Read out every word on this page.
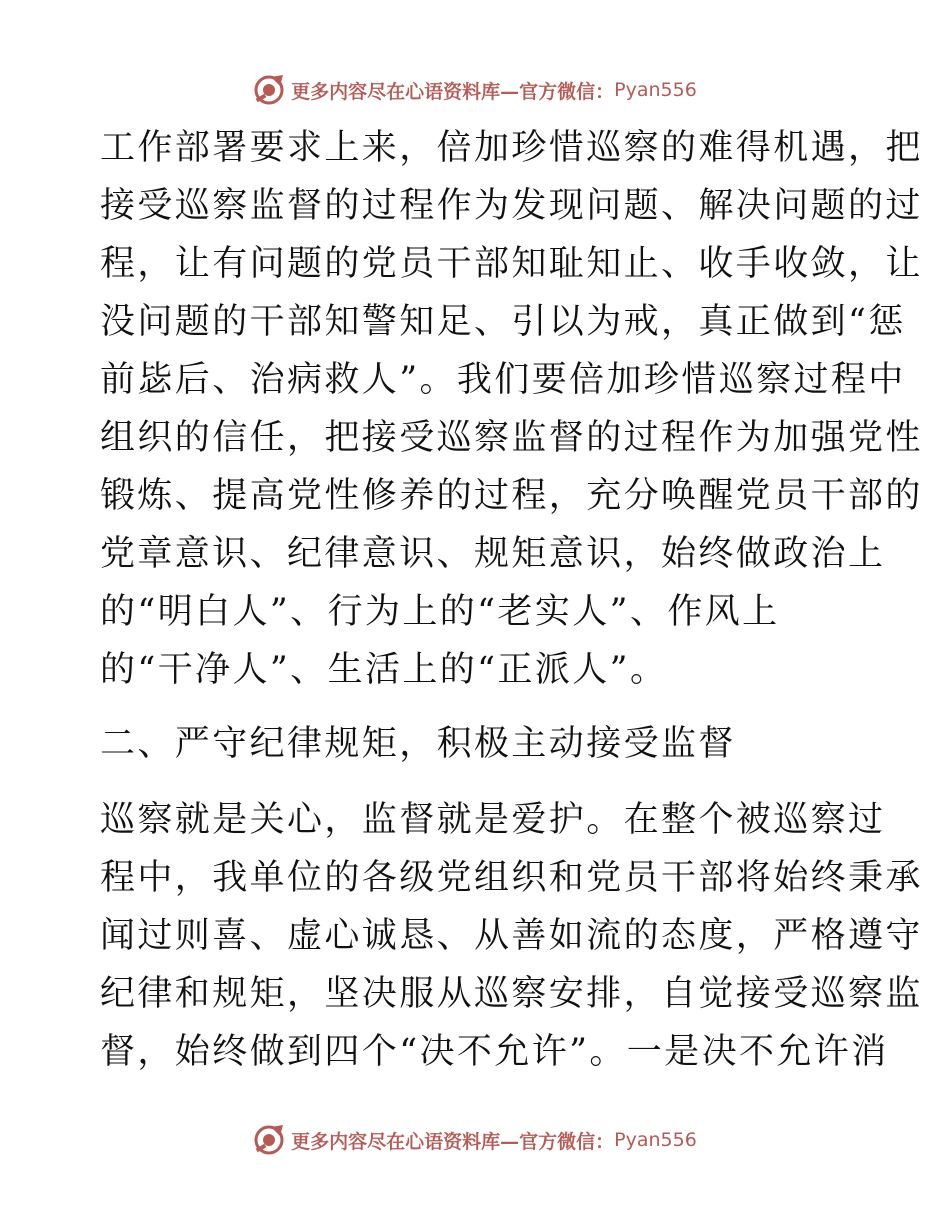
更多内容尽在心语资料库—官方微信： Pyan556
工作部署要求上来，倍加珍惜巡察的难得机遇，把
接受巡察监督的过程作为发现问题、解决问题的过
程，让有问题的党员干部知耻知止、收手收敛，让
没问题的干部知警知足、引以为戒，真正做到“惩
前毖后、治病救人”。我们要倍加珍惜巡察过程中
组织的信任，把接受巡察监督的过程作为加强党性
锻炼、提高党性修养的过程，充分唤醒党员干部的
党章意识、纪律意识、规矩意识，始终做政治上
的“明白人”、行为上的“老实人”、作风上
的“干净人”、生活上的“正派人”。
二、严守纪律规矩，积极主动接受监督
巡察就是关心，监督就是爱护。在整个被巡察过
程中，我单位的各级党组织和党员干部将始终秉承
闻过则喜、虚心诚恳、从善如流的态度，严格遵守
纪律和规矩，坚决服从巡察安排，自觉接受巡察监
督，始终做到四个“决不允许”。一是决不允许消
更多内容尽在心语资料库—官方微信： Pyan556
